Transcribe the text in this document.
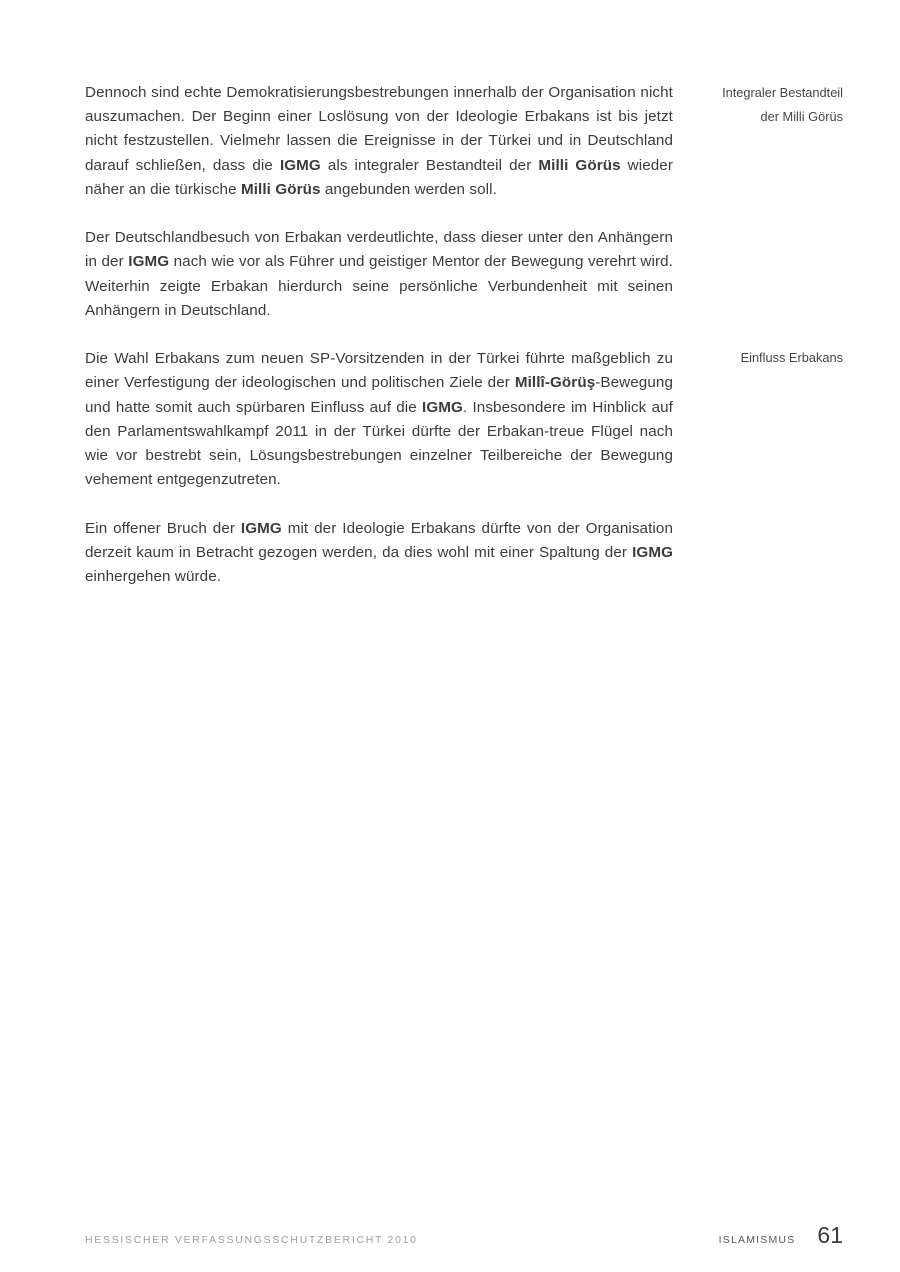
Dennoch sind echte Demokratisierungsbestrebungen innerhalb der Organisation nicht auszumachen. Der Beginn einer Loslösung von der Ideologie Erbakans ist bis jetzt nicht festzustellen. Vielmehr lassen die Ereignisse in der Türkei und in Deutschland darauf schließen, dass die IGMG als integraler Bestandteil der Milli Görüs wieder näher an die türkische Milli Görüs angebunden werden soll.

Der Deutschlandbesuch von Erbakan verdeutlichte, dass dieser unter den Anhängern in der IGMG nach wie vor als Führer und geistiger Mentor der Bewegung verehrt wird. Weiterhin zeigte Erbakan hierdurch seine persönliche Verbundenheit mit seinen Anhängern in Deutschland.

Die Wahl Erbakans zum neuen SP-Vorsitzenden in der Türkei führte maßgeblich zu einer Verfestigung der ideologischen und politischen Ziele der Millî-Görüş-Bewegung und hatte somit auch spürbaren Einfluss auf die IGMG. Insbesondere im Hinblick auf den Parlamentswahlkampf 2011 in der Türkei dürfte der Erbakan-treue Flügel nach wie vor bestrebt sein, Lösungsbestrebungen einzelner Teilbereiche der Bewegung vehement entgegenzutreten.

Ein offener Bruch der IGMG mit der Ideologie Erbakans dürfte von der Organisation derzeit kaum in Betracht gezogen werden, da dies wohl mit einer Spaltung der IGMG einhergehen würde.

Integraler Bestandteil
der Milli Görüs
Einfluss Erbakans
HESSISCHER VERFASSUNGSSCHUTZBERICHT 2010	ISLAMISMUS 61
